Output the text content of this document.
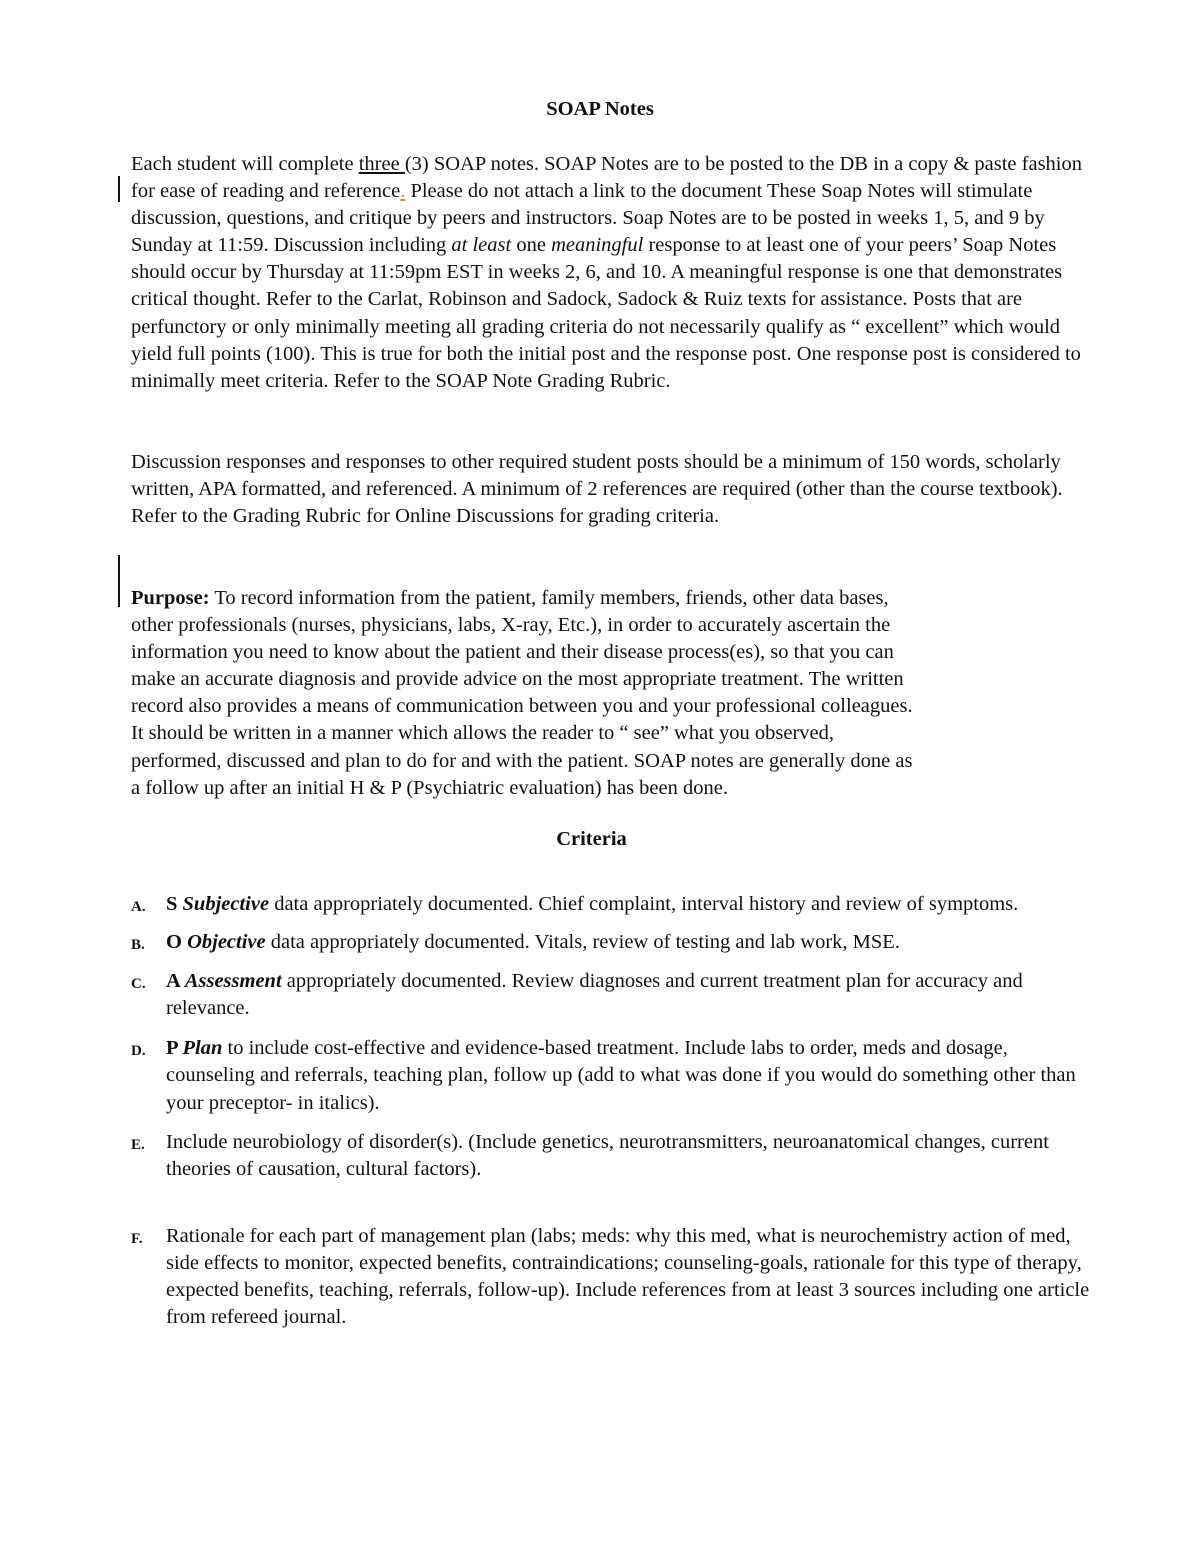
SOAP Notes
Each student will complete three (3) SOAP notes. SOAP Notes are to be posted to the DB in a copy & paste fashion for ease of reading and reference. Please do not attach a link to the document These Soap Notes will stimulate discussion, questions, and critique by peers and instructors. Soap Notes are to be posted in weeks 1, 5, and 9 by Sunday at 11:59. Discussion including at least one meaningful response to at least one of your peers’ Soap Notes should occur by Thursday at 11:59pm EST in weeks 2, 6, and 10. A meaningful response is one that demonstrates critical thought. Refer to the Carlat, Robinson and Sadock, Sadock & Ruiz texts for assistance. Posts that are perfunctory or only minimally meeting all grading criteria do not necessarily qualify as “ excellent” which would yield full points (100). This is true for both the initial post and the response post. One response post is considered to minimally meet criteria. Refer to the SOAP Note Grading Rubric.
Discussion responses and responses to other required student posts should be a minimum of 150 words, scholarly written, APA formatted, and referenced. A minimum of 2 references are required (other than the course textbook). Refer to the Grading Rubric for Online Discussions for grading criteria.
Purpose: To record information from the patient, family members, friends, other data bases,
other professionals (nurses, physicians, labs, X-ray, Etc.), in order to accurately ascertain the
information you need to know about the patient and their disease process(es), so that you can
make an accurate diagnosis and provide advice on the most appropriate treatment. The written
record also provides a means of communication between you and your professional colleagues.
It should be written in a manner which allows the reader to “ see” what you observed,
performed, discussed and plan to do for and with the patient. SOAP notes are generally done as
a follow up after an initial H & P (Psychiatric evaluation) has been done.
Criteria
A. S Subjective data appropriately documented. Chief complaint, interval history and review of symptoms.
B. O Objective data appropriately documented. Vitals, review of testing and lab work, MSE.
C. A Assessment appropriately documented. Review diagnoses and current treatment plan for accuracy and relevance.
D. P Plan to include cost-effective and evidence-based treatment. Include labs to order, meds and dosage, counseling and referrals, teaching plan, follow up (add to what was done if you would do something other than your preceptor- in italics).
E. Include neurobiology of disorder(s). (Include genetics, neurotransmitters, neuroanatomical changes, current theories of causation, cultural factors).
F. Rationale for each part of management plan (labs; meds: why this med, what is neurochemistry action of med, side effects to monitor, expected benefits, contraindications; counseling-goals, rationale for this type of therapy, expected benefits, teaching, referrals, follow-up). Include references from at least 3 sources including one article from refereed journal.
